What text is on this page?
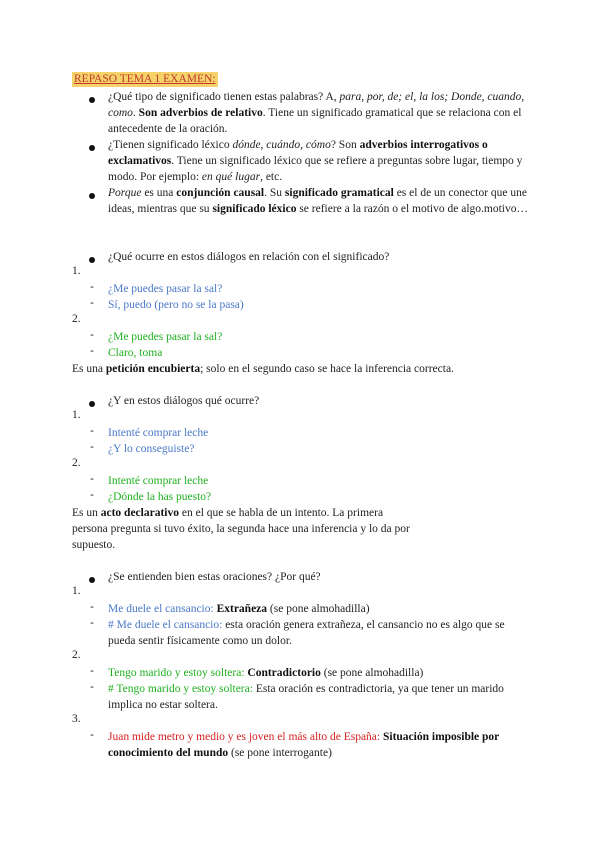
REPASO TEMA 1 EXAMEN:
¿Qué tipo de significado tienen estas palabras? A, para, por, de; el, la los; Donde, cuando, como. Son adverbios de relativo. Tiene un significado gramatical que se relaciona con el antecedente de la oración.
¿Tienen significado léxico dónde, cuándo, cómo? Son adverbios interrogativos o exclamativos. Tiene un significado léxico que se refiere a preguntas sobre lugar, tiempo y modo. Por ejemplo: en qué lugar, etc.
Porque es una conjunción causal. Su significado gramatical es el de un conector que une ideas, mientras que su significado léxico se refiere a la razón o el motivo de algo.motivo…
¿Qué ocurre en estos diálogos en relación con el significado?
1.
- ¿Me puedes pasar la sal?
- Sí, puedo (pero no se la pasa)
2.
- ¿Me puedes pasar la sal?
- Claro, toma
Es una petición encubierta; solo en el segundo caso se hace la inferencia correcta.
¿Y en estos diálogos qué ocurre?
1.
- Intenté comprar leche
- ¿Y lo conseguiste?
2.
- Intenté comprar leche
- ¿Dónde la has puesto?
Es un acto declarativo en el que se habla de un intento. La primera persona pregunta si tuvo éxito, la segunda hace una inferencia y lo da por supuesto.
¿Se entienden bien estas oraciones? ¿Por qué?
1.
- Me duele el cansancio: Extrañeza (se pone almohadilla)
- # Me duele el cansancio: esta oración genera extrañeza, el cansancio no es algo que se pueda sentir físicamente como un dolor.
2.
- Tengo marido y estoy soltera: Contradictorio (se pone almohadilla)
- # Tengo marido y estoy soltera: Esta oración es contradictoria, ya que tener un marido implica no estar soltera.
3.
- Juan mide metro y medio y es joven el más alto de España: Situación imposible por conocimiento del mundo (se pone interrogante)
